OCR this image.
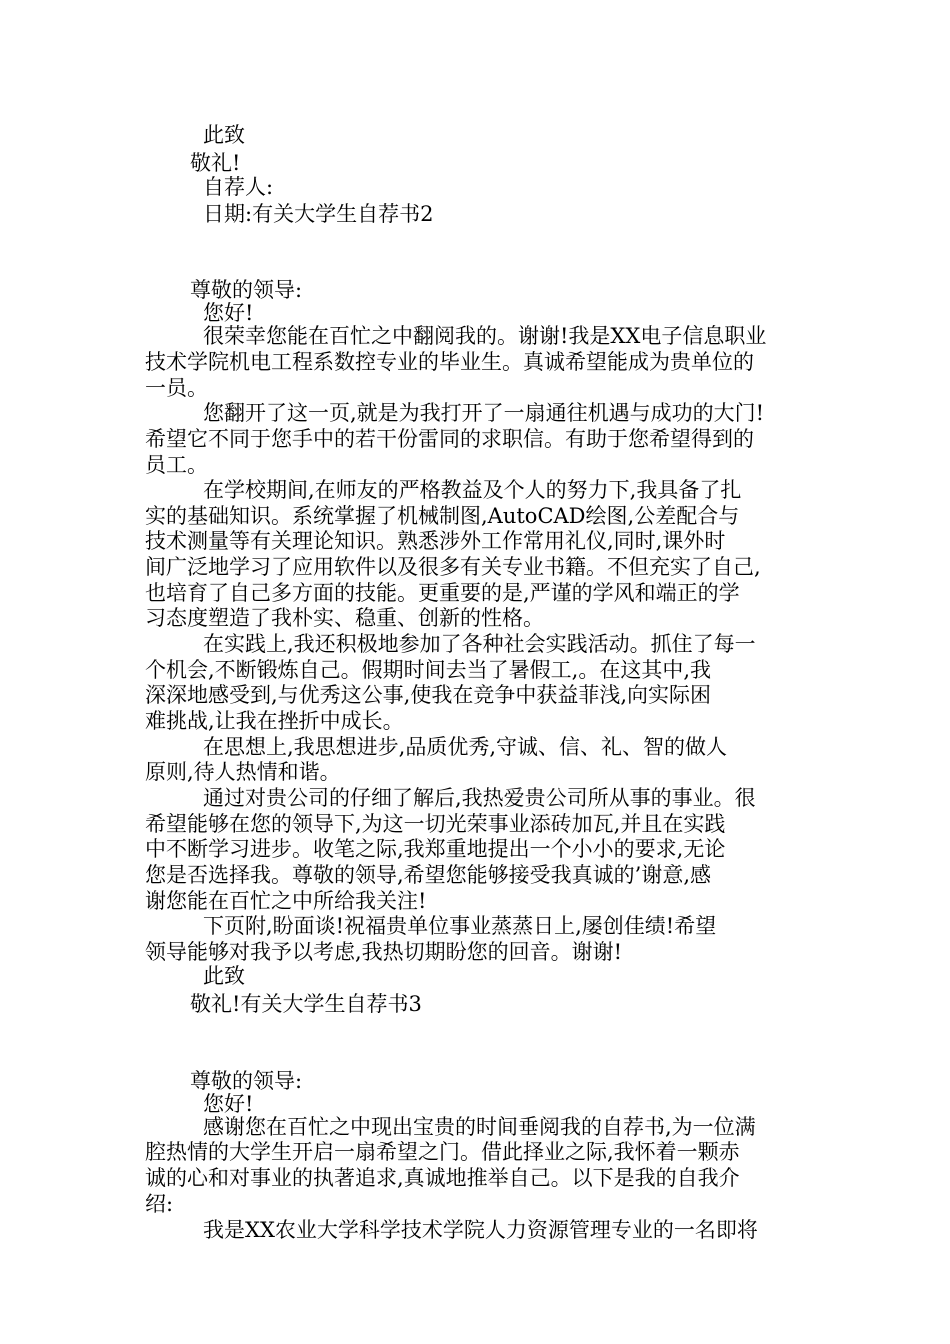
此致

敬礼!

自荐人:

日期:有关大学生自荐书2

尊敬的领导:

您好!

很荣幸您能在百忙之中翻阅我的。谢谢!我是XX电子信息职业

技术学院机电工程系数控专业的毕业生。真诚希望能成为贵单位的

一员。

您翻开了这一页,就是为我打开了一扇通往机遇与成功的大门!

希望它不同于您手中的若干份雷同的求职信。有助于您希望得到的

员工。

在学校期间,在师友的严格教益及个人的努力下,我具备了扎

实的基础知识。系统掌握了机械制图,AutoCAD绘图,公差配合与

技术测量等有关理论知识。熟悉涉外工作常用礼仪,同时,课外时

间广泛地学习了应用软件以及很多有关专业书籍。不但充实了自己,

也培育了自己多方面的技能。更重要的是,严谨的学风和端正的学

习态度塑造了我朴实、稳重、创新的性格。

在实践上,我还积极地参加了各种社会实践活动。抓住了每一

个机会,不断锻炼自己。假期时间去当了暑假工,。在这其中,我

深深地感受到,与优秀这公事,使我在竞争中获益菲浅,向实际困

难挑战,让我在挫折中成长。

在思想上,我思想进步,品质优秀,守诚、信、礼、智的做人

原则,待人热情和谐。

通过对贵公司的仔细了解后,我热爱贵公司所从事的事业。很

希望能够在您的领导下,为这一切光荣事业添砖加瓦,并且在实践

中不断学习进步。收笔之际,我郑重地提出一个小小的要求,无论

您是否选择我。尊敬的领导,希望您能够接受我真诚的’谢意,感

谢您能在百忙之中所给我关注!

下页附,盼面谈!祝福贵单位事业蒸蒸日上,屡创佳绩!希望

领导能够对我予以考虑,我热切期盼您的回音。谢谢!

此致

敬礼!有关大学生自荐书3

尊敬的领导:

您好!

感谢您在百忙之中现出宝贵的时间垂阅我的自荐书,为一位满

腔热情的大学生开启一扇希望之门。借此择业之际,我怀着一颗赤

诚的心和对事业的执著追求,真诚地推举自己。以下是我的自我介

绍:

我是XX农业大学科学技术学院人力资源管理专业的一名即将
